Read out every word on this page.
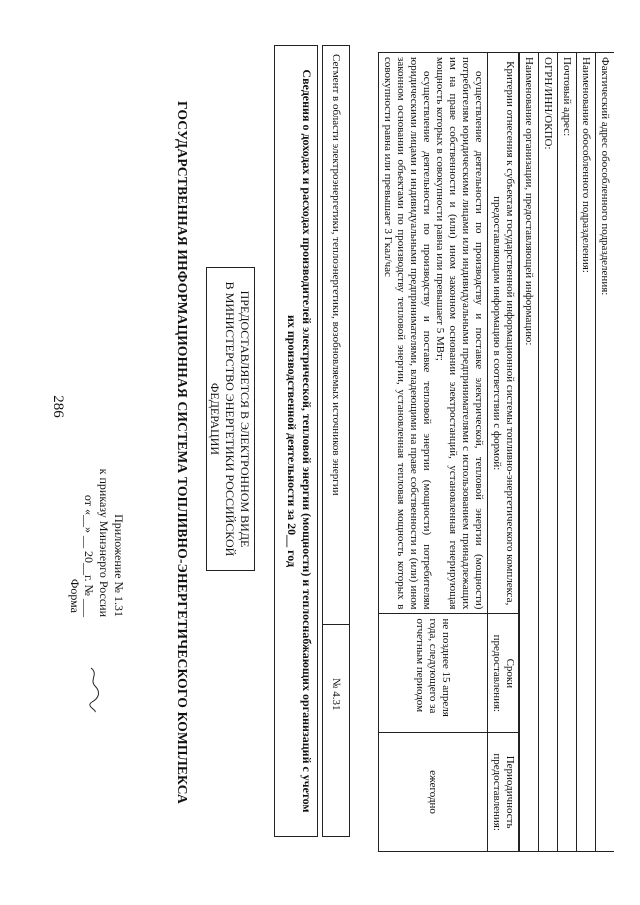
286	ГОСУДАРСТВЕННАЯ ИНФОРМАЦИОННАЯ СИСТЕМА ТОПЛИВНО-ЭНЕРГЕТИЧЕСКОГО КОМПЛЕКСА
Приложение № 1.31
к приказу Минэнерго России
от «__» __ 20__г. № ___
Форма
ПРЕДОСТАВЛЯЕТСЯ В ЭЛЕКТРОННОМ ВИДЕ
В МИНИСТЕРСТВО ЭНЕРГЕТИКИ РОССИЙСКОЙ ФЕДЕРАЦИИ	Сведения о доходах и расходах производителей электрической, тепловой энергии (мощности) и теплоснабжающих организаций с учетом
их производственной деятельности за 20__ год	Сегмент в области электроэнергетики, теплоэнергетики, возобновляемых источников энергии
№ 4.31
Критерии отнесения к субъектам государственной информационной системы топливно-энергетического комплекса, предоставляющим информацию в соответствии с формой:	Сроки предоставления:	Периодичность предоставления:

осуществление деятельности по производству и поставке электрической, тепловой энергии (мощности) потребителям юридическими лицами или индивидуальными предпринимателями с использованием принадлежащих им на праве собственности и (или) ином законном основании электростанций, установленная генерирующая мощность которых в совокупности равна или превышает 5 МВт;
осуществление деятельности по производству и поставке тепловой энергии (мощности) потребителям юридическими лицами и индивидуальными предпринимателями, владеющими на праве собственности и (или) ином законном основании объектами по производству тепловой энергии, установленная тепловая мощность которых в совокупности равна или превышает 3 Гкал/час	не позднее 15 апреля года, следующего за отчетным периодом	ежегодно
Наименование организации, предоставляющей информацию: ОГРН/ИНН/ОКПО: Почтовый адрес: Наименование обособленного подразделения: Фактический адрес обособленного подразделения:
